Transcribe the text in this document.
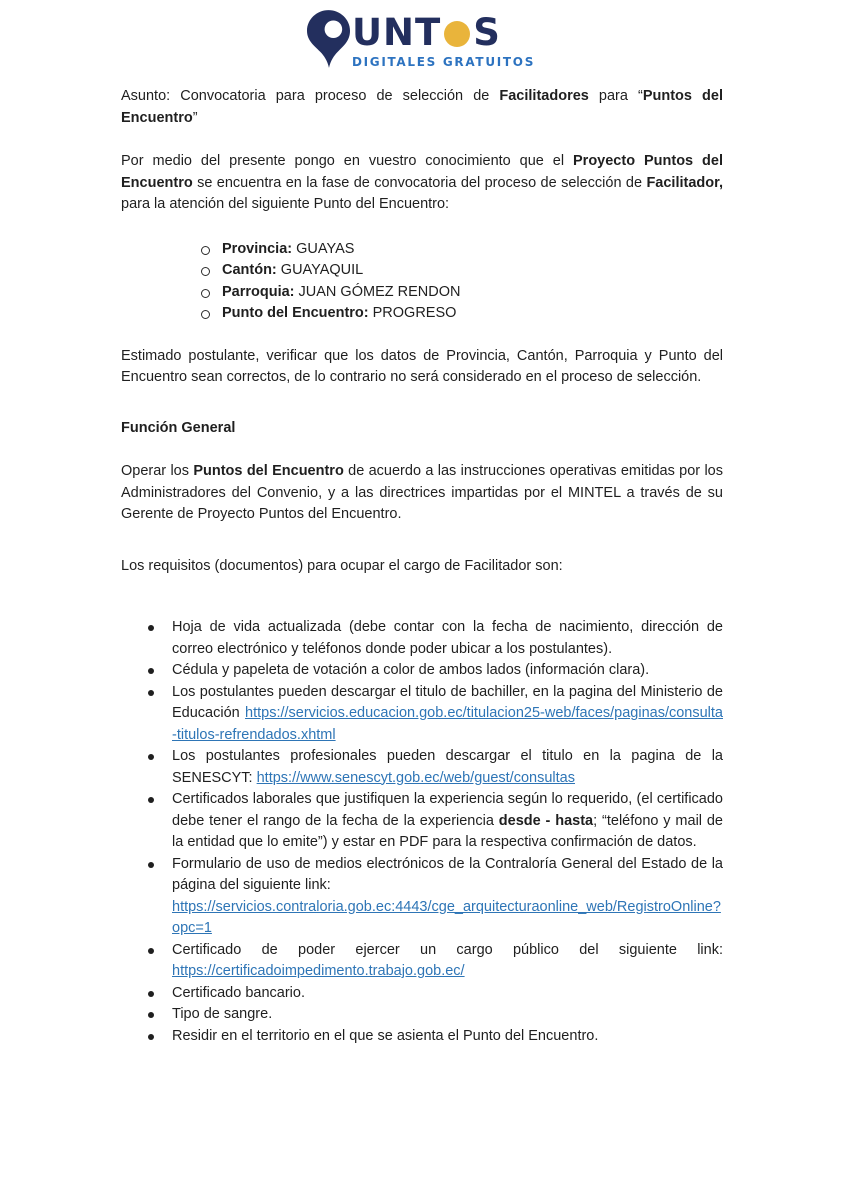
UNT S
DIGITALES GRATUITOS

Asunto: Convocatoria para proceso de selección de Facilitadores para “Puntos del Encuentro”

Por medio del presente pongo en vuestro conocimiento que el Proyecto Puntos del Encuentro se encuentra en la fase de convocatoria del proceso de selección de Facilitador, para la atención del siguiente Punto del Encuentro:

Provincia: GUAYAS
Cantón: GUAYAQUIL
Parroquia: JUAN GÓMEZ RENDON
Punto del Encuentro: PROGRESO

Estimado postulante, verificar que los datos de Provincia, Cantón, Parroquia y Punto del Encuentro sean correctos, de lo contrario no será considerado en el proceso de selección.

Función General

Operar los Puntos del Encuentro de acuerdo a las instrucciones operativas emitidas por los Administradores del Convenio, y a las directrices impartidas por el MINTEL a través de su Gerente de Proyecto Puntos del Encuentro.

Los requisitos (documentos) para ocupar el cargo de Facilitador son:

Hoja de vida actualizada (debe contar con la fecha de nacimiento, dirección de correo electrónico y teléfonos donde poder ubicar a los postulantes).
Cédula y papeleta de votación a color de ambos lados (información clara).
Los postulantes pueden descargar el titulo de bachiller, en la pagina del Ministerio de Educación https://servicios.educacion.gob.ec/titulacion25-web/faces/paginas/consulta-titulos-refrendados.xhtml
Los postulantes profesionales pueden descargar el titulo en la pagina de la SENESCYT: https://www.senescyt.gob.ec/web/guest/consultas
Certificados laborales que justifiquen la experiencia según lo requerido, (el certificado debe tener el rango de la fecha de la experiencia desde - hasta; “teléfono y mail de la entidad que lo emite”) y estar en PDF para la respectiva confirmación de datos.
Formulario de uso de medios electrónicos de la Contraloría General del Estado de la página del siguiente link:
https://servicios.contraloria.gob.ec:4443/cge_arquitecturaonline_web/RegistroOnline?opc=1
Certificado de poder ejercer un cargo público del siguiente link: https://certificadoimpedimento.trabajo.gob.ec/
Certificado bancario.
Tipo de sangre.
Residir en el territorio en el que se asienta el Punto del Encuentro.
